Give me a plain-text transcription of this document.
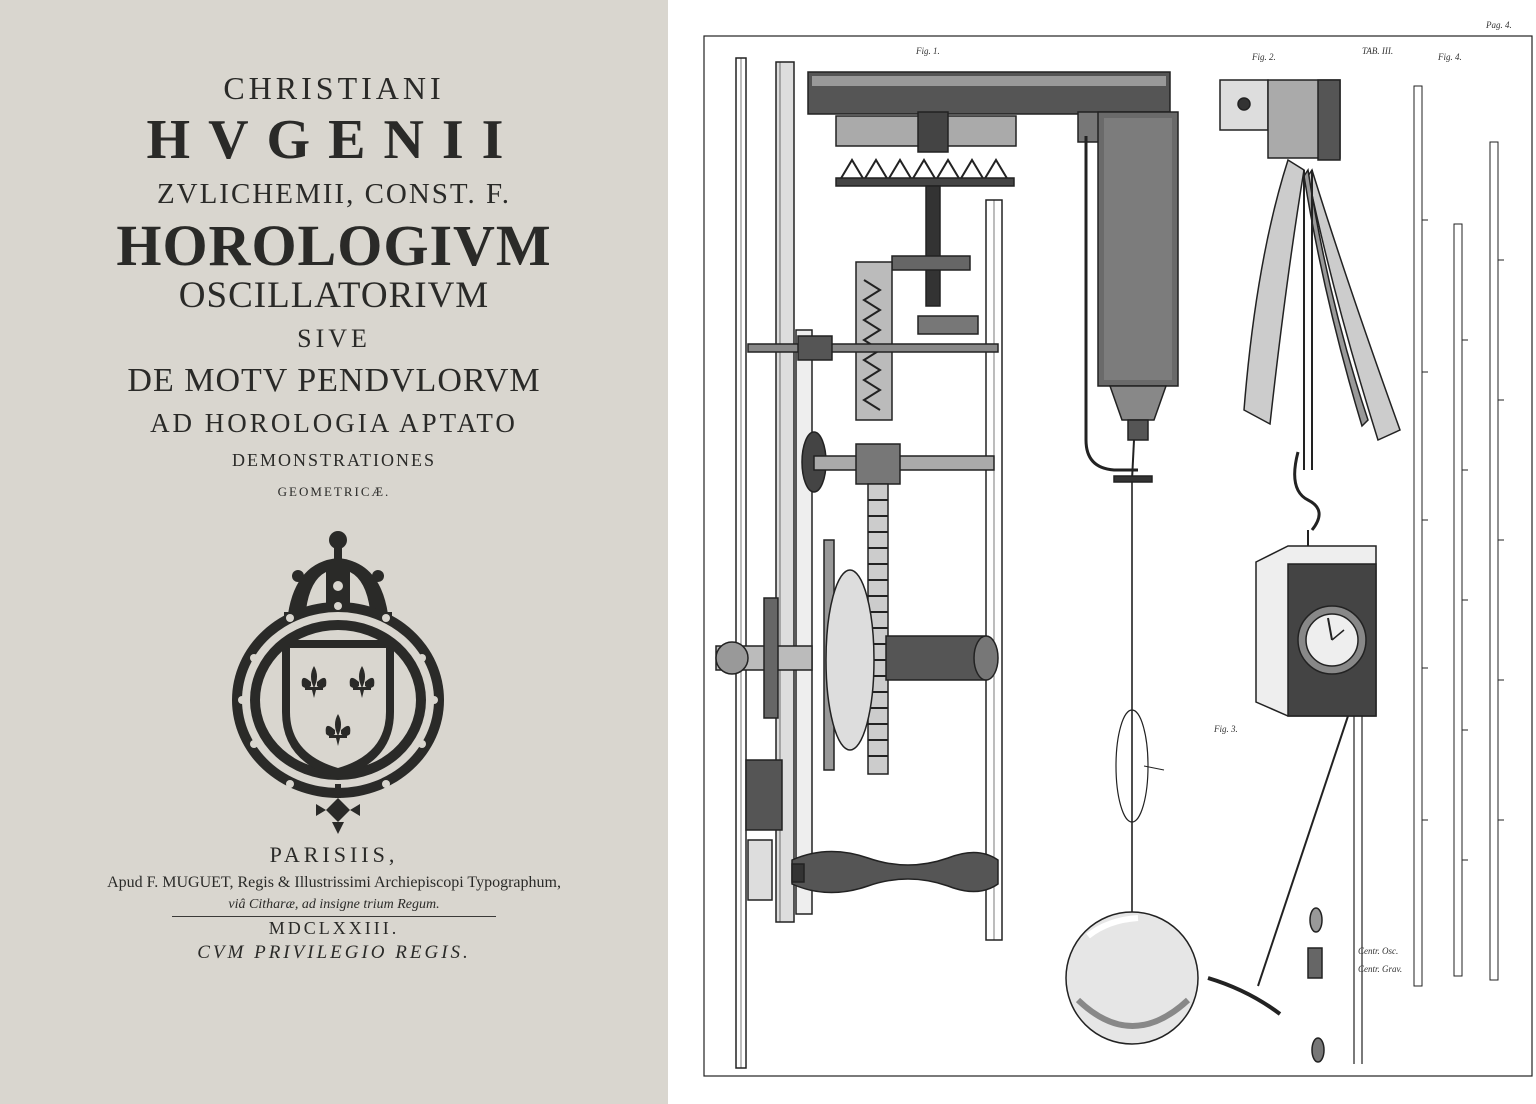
CHRISTIANI
HVGENII
ZVLICHEMII, CONST. F.
HOROLOGIVM
OSCILLATORIVM
SIVE
DE MOTV PENDVLORVM
AD HOROLOGIA APTATO
DEMONSTRATIONES
GEOMETRICÆ.
PARISIIS,
Apud F. MUGUET, Regis & Illustrissimi Archiepiscopi Typographum,
viâ Citharæ, ad insigne trium Regum.
MDCLXXIII.
CVM PRIVILEGIO REGIS.
Fig. 1.
Fig. 2.
Fig. 3.
Fig. 4.
TAB. III.
Pag. 4.
Centr. Osc.
Centr. Grav.
